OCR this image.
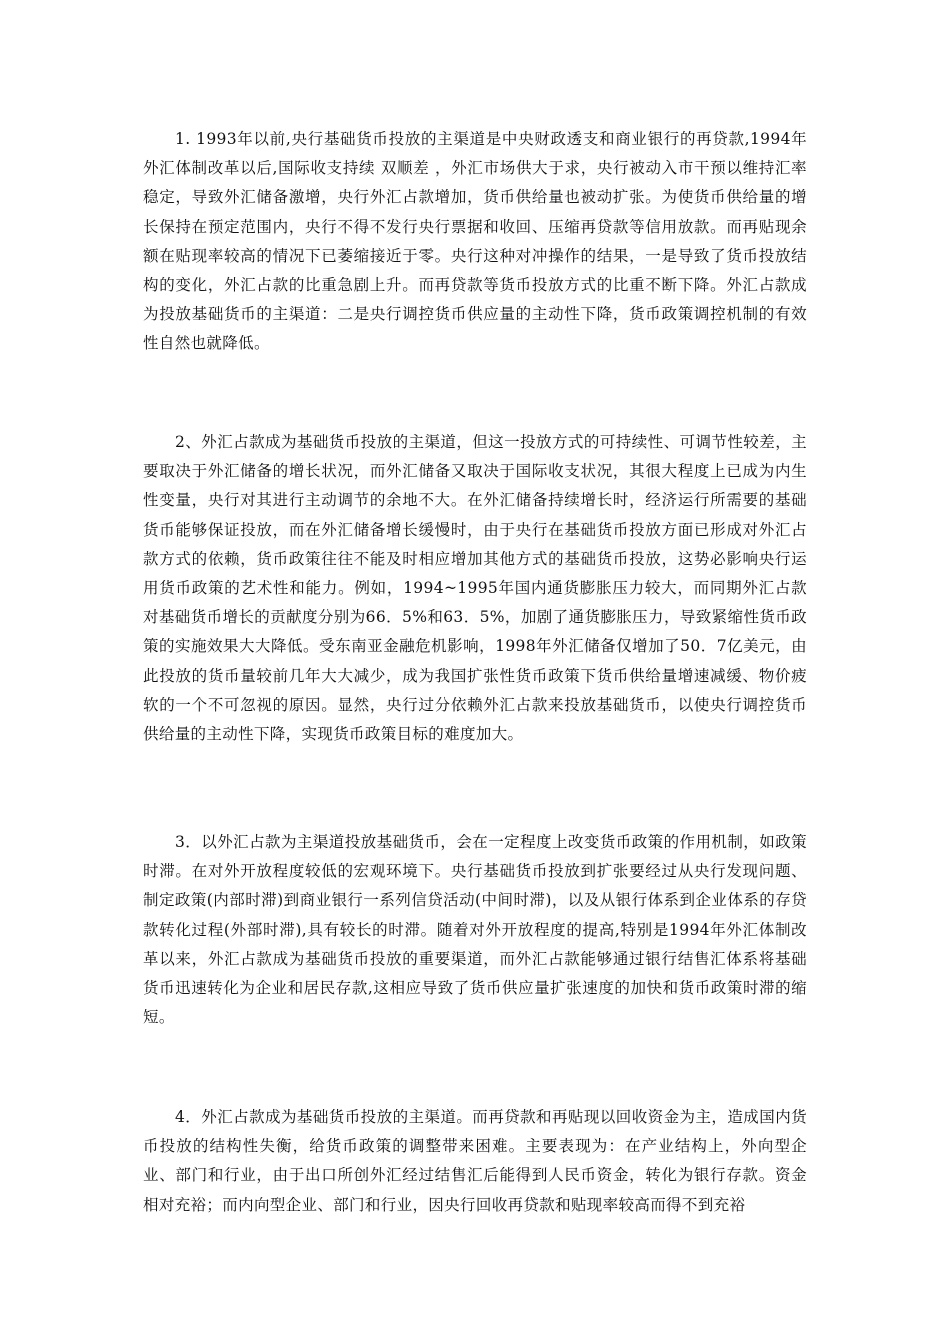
1. 1993年以前,央行基础货币投放的主渠道是中央财政透支和商业银行的再贷款,1994年外汇体制改革以后,国际收支持续 双顺差 ，外汇市场供大于求，央行被动入市干预以维持汇率稳定，导致外汇储备激增，央行外汇占款增加，货币供给量也被动扩张。为使货币供给量的增长保持在预定范围内，央行不得不发行央行票据和收回、压缩再贷款等信用放款。而再贴现余额在贴现率较高的情况下已萎缩接近于零。央行这种对冲操作的结果，一是导致了货币投放结构的变化，外汇占款的比重急剧上升。而再贷款等货币投放方式的比重不断下降。外汇占款成为投放基础货币的主渠道：二是央行调控货币供应量的主动性下降，货币政策调控机制的有效性自然也就降低。

2、外汇占款成为基础货币投放的主渠道，但这一投放方式的可持续性、可调节性较差，主要取决于外汇储备的增长状况，而外汇储备又取决于国际收支状况，其很大程度上已成为内生性变量，央行对其进行主动调节的余地不大。在外汇储备持续增长时，经济运行所需要的基础货币能够保证投放，而在外汇储备增长缓慢时，由于央行在基础货币投放方面已形成对外汇占款方式的依赖，货币政策往往不能及时相应增加其他方式的基础货币投放，这势必影响央行运用货币政策的艺术性和能力。例如，1994~1995年国内通货膨胀压力较大，而同期外汇占款对基础货币增长的贡献度分别为66．5%和63．5%，加剧了通货膨胀压力，导致紧缩性货币政策的实施效果大大降低。受东南亚金融危机影响，1998年外汇储备仅增加了50．7亿美元，由此投放的货币量较前几年大大减少，成为我国扩张性货币政策下货币供给量增速减缓、物价疲软的一个不可忽视的原因。显然，央行过分依赖外汇占款来投放基础货币，以使央行调控货币供给量的主动性下降，实现货币政策目标的难度加大。

3．以外汇占款为主渠道投放基础货币，会在一定程度上改变货币政策的作用机制，如政策时滞。在对外开放程度较低的宏观环境下。央行基础货币投放到扩张要经过从央行发现问题、制定政策(内部时滞)到商业银行一系列信贷活动(中间时滞)，以及从银行体系到企业体系的存贷款转化过程(外部时滞),具有较长的时滞。随着对外开放程度的提高,特别是1994年外汇体制改革以来，外汇占款成为基础货币投放的重要渠道，而外汇占款能够通过银行结售汇体系将基础货币迅速转化为企业和居民存款,这相应导致了货币供应量扩张速度的加快和货币政策时滞的缩短。

4．外汇占款成为基础货币投放的主渠道。而再贷款和再贴现以回收资金为主，造成国内货币投放的结构性失衡，给货币政策的调整带来困难。主要表现为：在产业结构上，外向型企业、部门和行业，由于出口所创外汇经过结售汇后能得到人民币资金，转化为银行存款。资金相对充裕；而内向型企业、部门和行业，因央行回收再贷款和贴现率较高而得不到充裕
